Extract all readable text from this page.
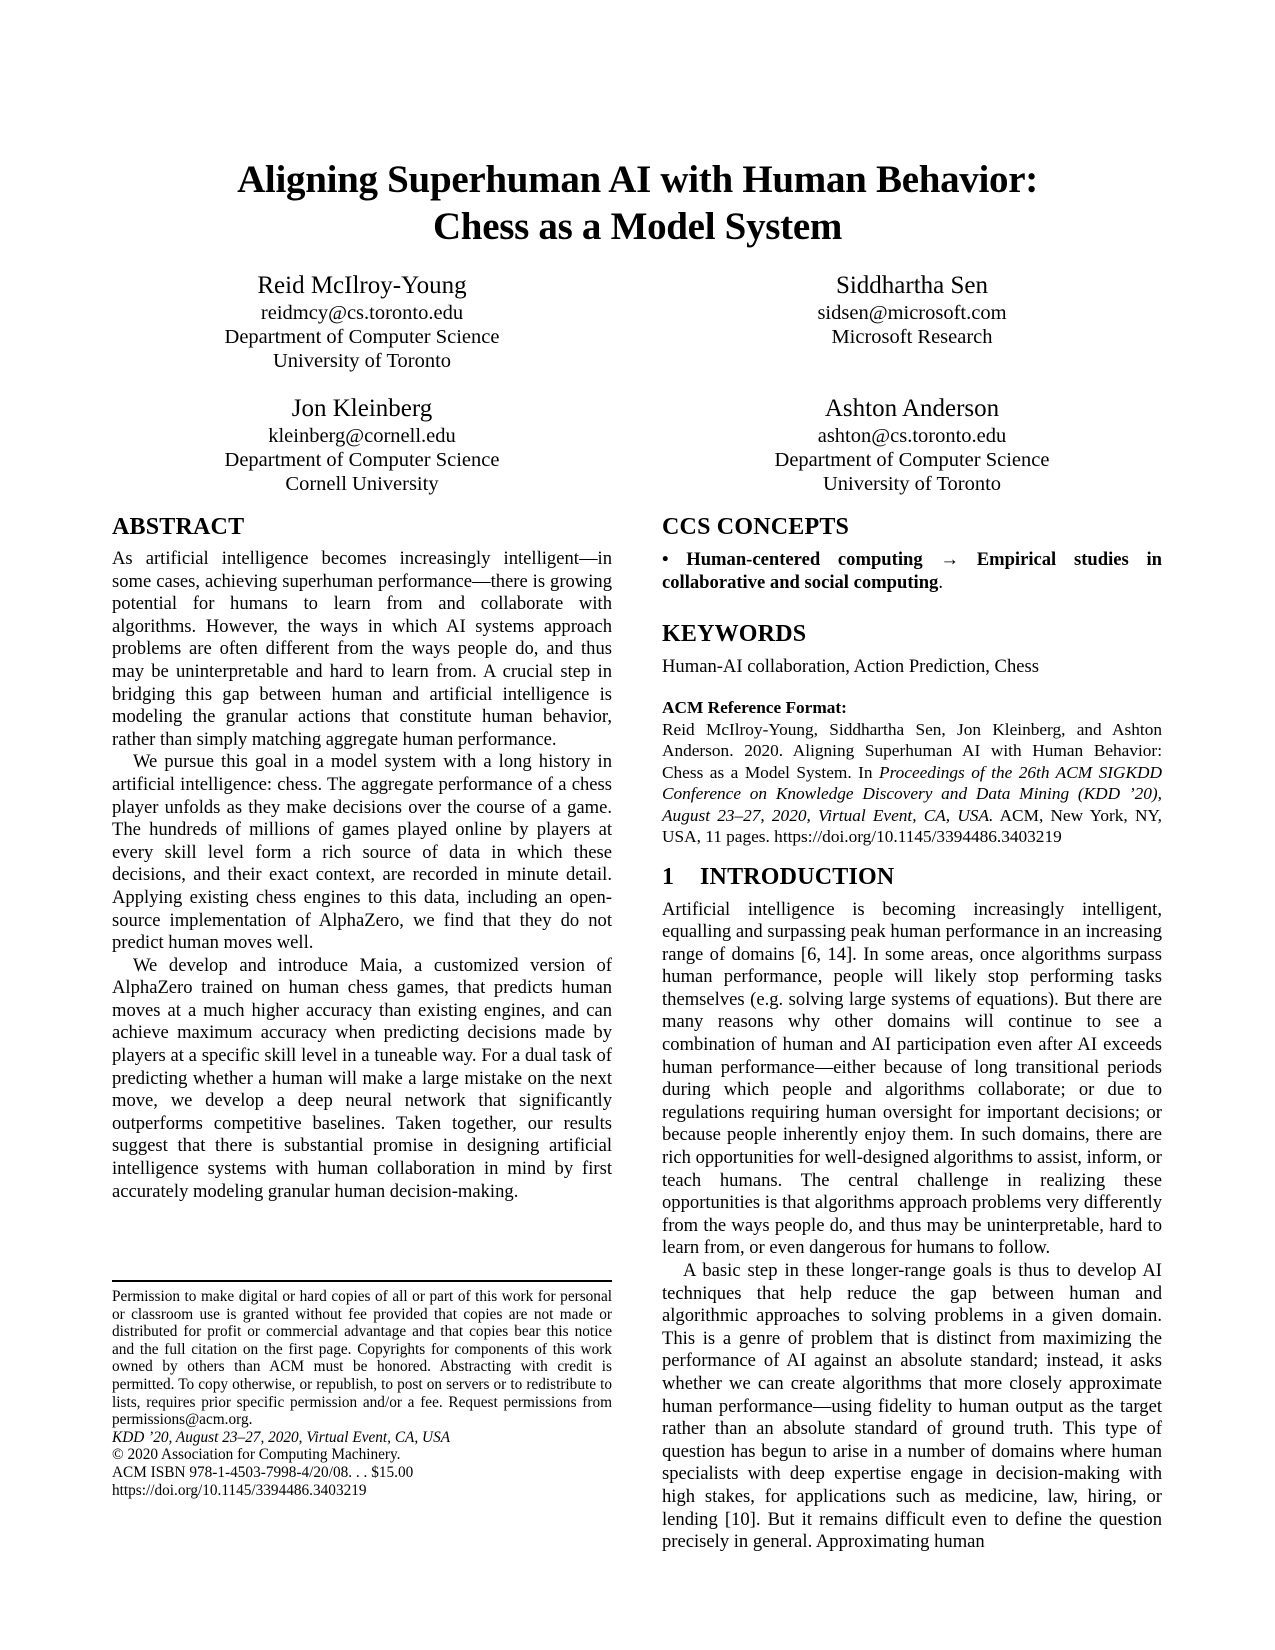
Aligning Superhuman AI with Human Behavior:
Chess as a Model System
Reid McIlroy-Young
reidmcy@cs.toronto.edu
Department of Computer Science
University of Toronto
Siddhartha Sen
sidsen@microsoft.com
Microsoft Research
Jon Kleinberg
kleinberg@cornell.edu
Department of Computer Science
Cornell University
Ashton Anderson
ashton@cs.toronto.edu
Department of Computer Science
University of Toronto
ABSTRACT

As artificial intelligence becomes increasingly intelligent—in some cases, achieving superhuman performance—there is growing potential for humans to learn from and collaborate with algorithms. However, the ways in which AI systems approach problems are often different from the ways people do, and thus may be uninterpretable and hard to learn from. A crucial step in bridging this gap between human and artificial intelligence is modeling the granular actions that constitute human behavior, rather than simply matching aggregate human performance.

We pursue this goal in a model system with a long history in artificial intelligence: chess. The aggregate performance of a chess player unfolds as they make decisions over the course of a game. The hundreds of millions of games played online by players at every skill level form a rich source of data in which these decisions, and their exact context, are recorded in minute detail. Applying existing chess engines to this data, including an open-source implementation of AlphaZero, we find that they do not predict human moves well.

We develop and introduce Maia, a customized version of AlphaZero trained on human chess games, that predicts human moves at a much higher accuracy than existing engines, and can achieve maximum accuracy when predicting decisions made by players at a specific skill level in a tuneable way. For a dual task of predicting whether a human will make a large mistake on the next move, we develop a deep neural network that significantly outperforms competitive baselines. Taken together, our results suggest that there is substantial promise in designing artificial intelligence systems with human collaboration in mind by first accurately modeling granular human decision-making.

CCS CONCEPTS

• Human-centered computing → Empirical studies in collaborative and social computing.

KEYWORDS

Human-AI collaboration, Action Prediction, Chess

ACM Reference Format:

Reid McIlroy-Young, Siddhartha Sen, Jon Kleinberg, and Ashton Anderson. 2020. Aligning Superhuman AI with Human Behavior: Chess as a Model System. In Proceedings of the 26th ACM SIGKDD Conference on Knowledge Discovery and Data Mining (KDD ’20), August 23–27, 2020, Virtual Event, CA, USA. ACM, New York, NY, USA, 11 pages. https://doi.org/10.1145/3394486.3403219

1 INTRODUCTION

Artificial intelligence is becoming increasingly intelligent, equalling and surpassing peak human performance in an increasing range of domains [6, 14]. In some areas, once algorithms surpass human performance, people will likely stop performing tasks themselves (e.g. solving large systems of equations). But there are many reasons why other domains will continue to see a combination of human and AI participation even after AI exceeds human performance—either because of long transitional periods during which people and algorithms collaborate; or due to regulations requiring human oversight for important decisions; or because people inherently enjoy them. In such domains, there are rich opportunities for well-designed algorithms to assist, inform, or teach humans. The central challenge in realizing these opportunities is that algorithms approach problems very differently from the ways people do, and thus may be uninterpretable, hard to learn from, or even dangerous for humans to follow.

A basic step in these longer-range goals is thus to develop AI techniques that help reduce the gap between human and algorithmic approaches to solving problems in a given domain. This is a genre of problem that is distinct from maximizing the performance of AI against an absolute standard; instead, it asks whether we can create algorithms that more closely approximate human performance—using fidelity to human output as the target rather than an absolute standard of ground truth. This type of question has begun to arise in a number of domains where human specialists with deep expertise engage in decision-making with high stakes, for applications such as medicine, law, hiring, or lending [10]. But it remains difficult even to define the question precisely in general. Approximating human

Permission to make digital or hard copies of all or part of this work for personal or classroom use is granted without fee provided that copies are not made or distributed for profit or commercial advantage and that copies bear this notice and the full citation on the first page. Copyrights for components of this work owned by others than ACM must be honored. Abstracting with credit is permitted. To copy otherwise, or republish, to post on servers or to redistribute to lists, requires prior specific permission and/or a fee. Request permissions from permissions@acm.org.

KDD ’20, August 23–27, 2020, Virtual Event, CA, USA

© 2020 Association for Computing Machinery.

ACM ISBN 978-1-4503-7998-4/20/08. . . $15.00

https://doi.org/10.1145/3394486.3403219
